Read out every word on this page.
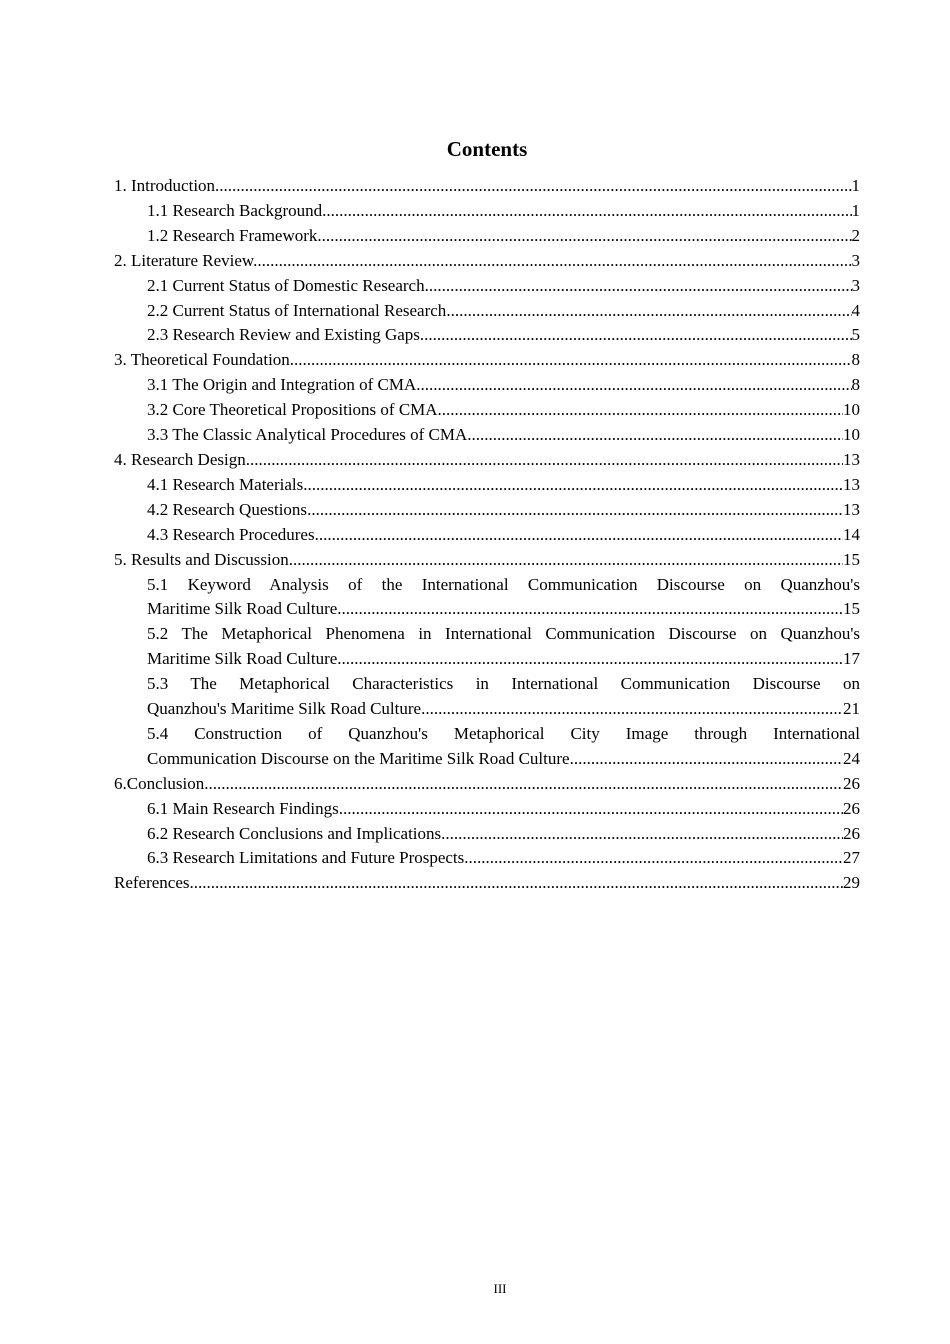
Contents
1. Introduction .....	1
1.1 Research Background .....	1
1.2 Research Framework .....	2
2. Literature Review .....	3
2.1 Current Status of Domestic Research .....	3
2.2 Current Status of International Research .....	4
2.3 Research Review and Existing Gaps .....	5
3. Theoretical Foundation .....	8
3.1 The Origin and Integration of CMA .....	8
3.2 Core Theoretical Propositions of CMA .....	10
3.3 The Classic Analytical Procedures of CMA .....	10
4. Research Design .....	13
4.1 Research Materials .....	13
4.2 Research Questions .....	13
4.3 Research Procedures .....	14
5. Results and Discussion .....	15
5.1 Keyword Analysis of the International Communication Discourse on Quanzhou's
Maritime Silk Road Culture .....	15
5.2 The Metaphorical Phenomena in International Communication Discourse on Quanzhou's
Maritime Silk Road Culture .....	17
5.3 The Metaphorical Characteristics in International Communication Discourse on
Quanzhou's Maritime Silk Road Culture .....	21
5.4 Construction of Quanzhou's Metaphorical City Image through International
Communication Discourse on the Maritime Silk Road Culture .....	24
6.Conclusion .....	26
6.1 Main Research Findings .....	26
6.2 Research Conclusions and Implications .....	26
6.3 Research Limitations and Future Prospects .....	27
References .....	29
III
